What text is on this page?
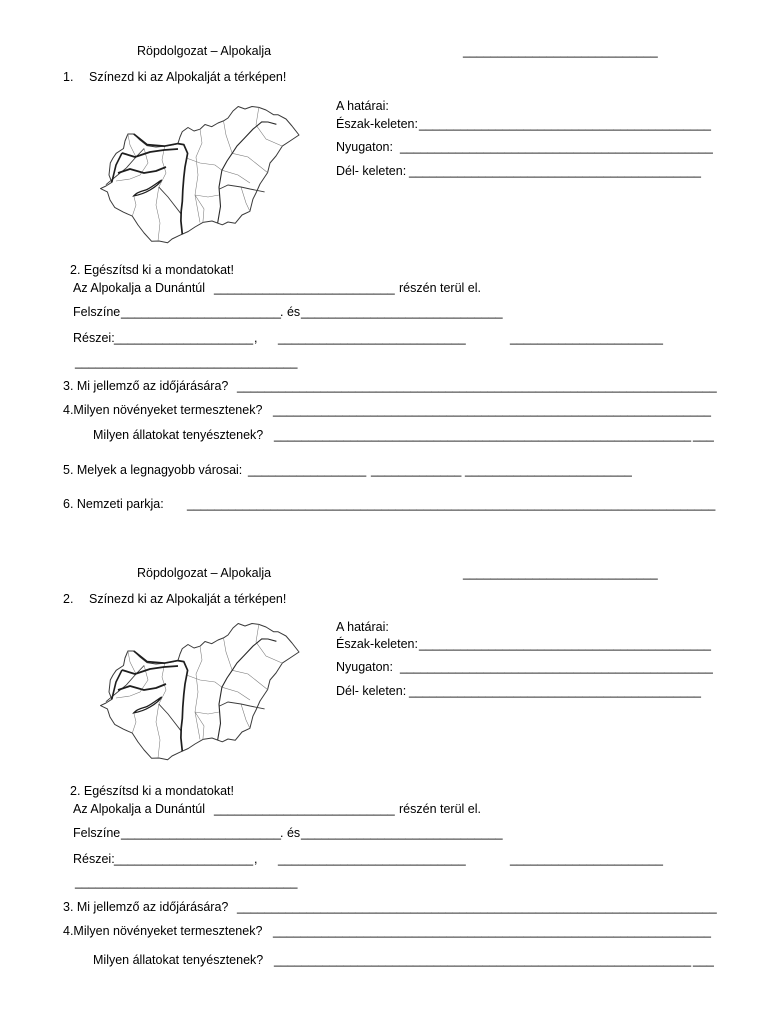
Röpdolgozat – Alpokalja	____________________________
1. Színezd ki az Alpokalját a térképen!
A határai:
Észak-keleten: __________________________________________
Nyugaton: _____________________________________________
Dél- keleten: __________________________________________
2. Egészítsd ki a mondatokat!
Az Alpokalja a Dunántúl __________________________ részén terül el.
Felszíne _______________________ . és _____________________________
Részei: ____________________ , ___________________________	______________________
________________________________
3. Mi jellemző az időjárására? _____________________________________________________________________
4.Milyen növényeket termesztenek? _______________________________________________________________
Milyen állatokat tenyésztenek? ____________________________________________________________ ___
5. Melyek a legnagyobb városai: _________________ _____________ ________________________
6. Nemzeti parkja: ____________________________________________________________________________
Röpdolgozat – Alpokalja	____________________________
2. Színezd ki az Alpokalját a térképen!
A határai:
Észak-keleten: __________________________________________
Nyugaton: _____________________________________________
Dél- keleten: __________________________________________
2. Egészítsd ki a mondatokat!
Az Alpokalja a Dunántúl __________________________ részén terül el.
Felszíne _______________________ . és _____________________________
Részei: ____________________ , ___________________________	______________________
________________________________
3. Mi jellemző az időjárására? _____________________________________________________________________
4.Milyen növényeket termesztenek? _______________________________________________________________
Milyen állatokat tenyésztenek? ____________________________________________________________ ___
